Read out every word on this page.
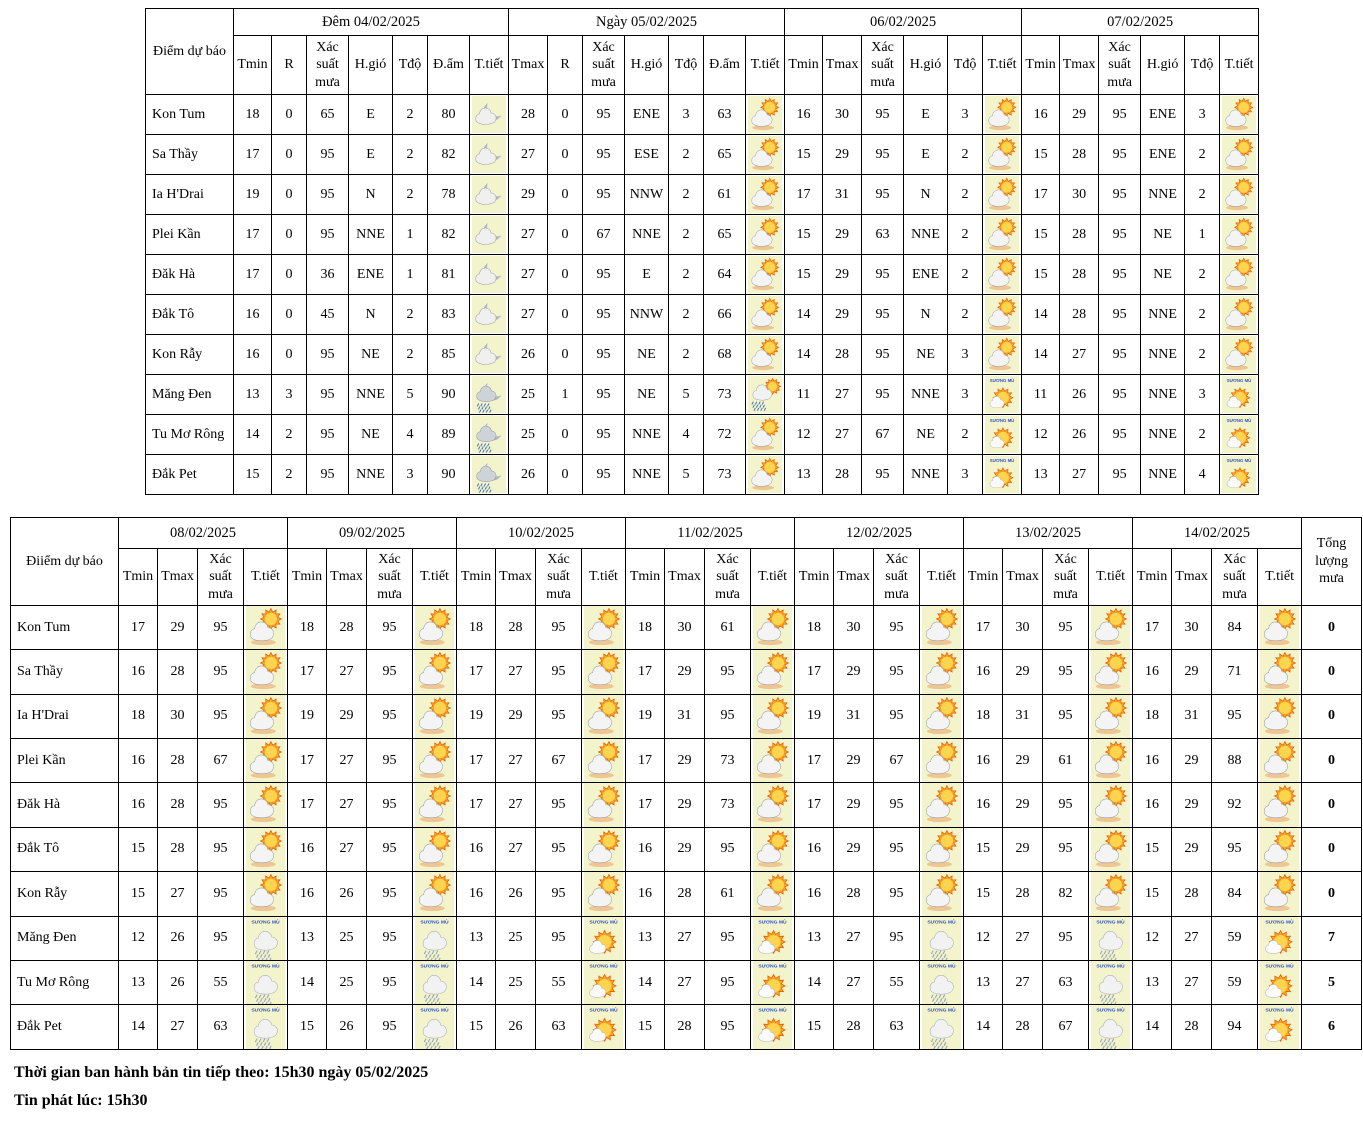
Điểm dự báo	Đêm 04/02/2025							Ngày 05/02/2025							06/02/2025						07/02/2025					
	Tmin	R	Xác suất mưa	H.gió	Tđộ	Đ.ẩm	T.tiết	Tmax	R	Xác suất mưa	H.gió	Tđộ	Đ.ẩm	T.tiết	Tmin	Tmax	Xác suất mưa	H.gió	Tđộ	T.tiết	Tmin	Tmax	Xác suất mưa	H.gió	Tđộ	T.tiết
Kon Tum	18	0	65	E	2	80		28	0	95	ENE	3	63		16	30	95	E	3		16	29	95	ENE	3	

Sa Thầy	17	0	95	E	2	82		27	0	95	ESE	2	65		15	29	95	E	2		15	28	95	ENE	2	

Ia H'Drai	19	0	95	N	2	78		29	0	95	NNW	2	61		17	31	95	N	2		17	30	95	NNE	2	

Plei Kần	17	0	95	NNE	1	82		27	0	67	NNE	2	65		15	29	63	NNE	2		15	28	95	NE	1	

Đăk Hà	17	0	36	ENE	1	81		27	0	95	E	2	64		15	29	95	ENE	2		15	28	95	NE	2	

Đắk Tô	16	0	45	N	2	83		27	0	95	NNW	2	66		14	29	95	N	2		14	28	95	NNE	2	

Kon Rẫy	16	0	95	NE	2	85		26	0	95	NE	2	68		14	28	95	NE	3		14	27	95	NNE	2	

Măng Đen	13	3	95	NNE	5	90		25	1	95	NE	5	73		11	27	95	NNE	3	SƯƠNG MÙ	11	26	95	NNE	3	SƯƠNG MÙ

Tu Mơ Rông	14	2	95	NE	4	89		25	0	95	NNE	4	72		12	27	67	NE	2	SƯƠNG MÙ	12	26	95	NNE	2	SƯƠNG MÙ

Đắk Pet	15	2	95	NNE	3	90		26	0	95	NNE	5	73		13	28	95	NNE	3	SƯƠNG MÙ	13	27	95	NNE	4	SƯƠNG MÙ
Điiểm dự báo	08/02/2025				09/02/2025				10/02/2025				11/02/2025				12/02/2025				13/02/2025				14/02/2025				Tổng lượng mưa
	Tmin	Tmax	Xác suất mưa	T.tiết	Tmin	Tmax	Xác suất mưa	T.tiết	Tmin	Tmax	Xác suất mưa	T.tiết	Tmin	Tmax	Xác suất mưa	T.tiết	Tmin	Tmax	Xác suất mưa	T.tiết	Tmin	Tmax	Xác suất mưa	T.tiết	Tmin	Tmax	Xác suất mưa	T.tiết	
Kon Tum	17	29	95		18	28	95		18	28	95		18	30	61		18	30	95		17	30	95		17	30	84		0
Sa Thầy	16	28	95		17	27	95		17	27	95		17	29	95		17	29	95		16	29	95		16	29	71		0
Ia H'Drai	18	30	95		19	29	95		19	29	95		19	31	95		19	31	95		18	31	95		18	31	95		0
Plei Kần	16	28	67		17	27	95		17	27	67		17	29	73		17	29	67		16	29	61		16	29	88		0
Đăk Hà	16	28	95		17	27	95		17	27	95		17	29	73		17	29	95		16	29	95		16	29	92		0
Đắk Tô	15	28	95		16	27	95		16	27	95		16	29	95		16	29	95		15	29	95		15	29	95		0
Kon Rẫy	15	27	95		16	26	95		16	26	95		16	28	61		16	28	95		15	28	82		15	28	84		0
Măng Đen	12	26	95	SƯƠNG MÙ	13	25	95	SƯƠNG MÙ	13	25	95	SƯƠNG MÙ	13	27	95	SƯƠNG MÙ	13	27	95	SƯƠNG MÙ	12	27	95	SƯƠNG MÙ	12	27	59	SƯƠNG MÙ	7
Tu Mơ Rông	13	26	55	SƯƠNG MÙ	14	25	95	SƯƠNG MÙ	14	25	55	SƯƠNG MÙ	14	27	95	SƯƠNG MÙ	14	27	55	SƯƠNG MÙ	13	27	63	SƯƠNG MÙ	13	27	59	SƯƠNG MÙ	5
Đắk Pet	14	27	63	SƯƠNG MÙ	15	26	95	SƯƠNG MÙ	15	26	63	SƯƠNG MÙ	15	28	95	SƯƠNG MÙ	15	28	63	SƯƠNG MÙ	14	28	67	SƯƠNG MÙ	14	28	94	SƯƠNG MÙ	6
Thời gian ban hành bản tin tiếp theo: 15h30 ngày 05/02/2025
Tin phát lúc: 15h30
